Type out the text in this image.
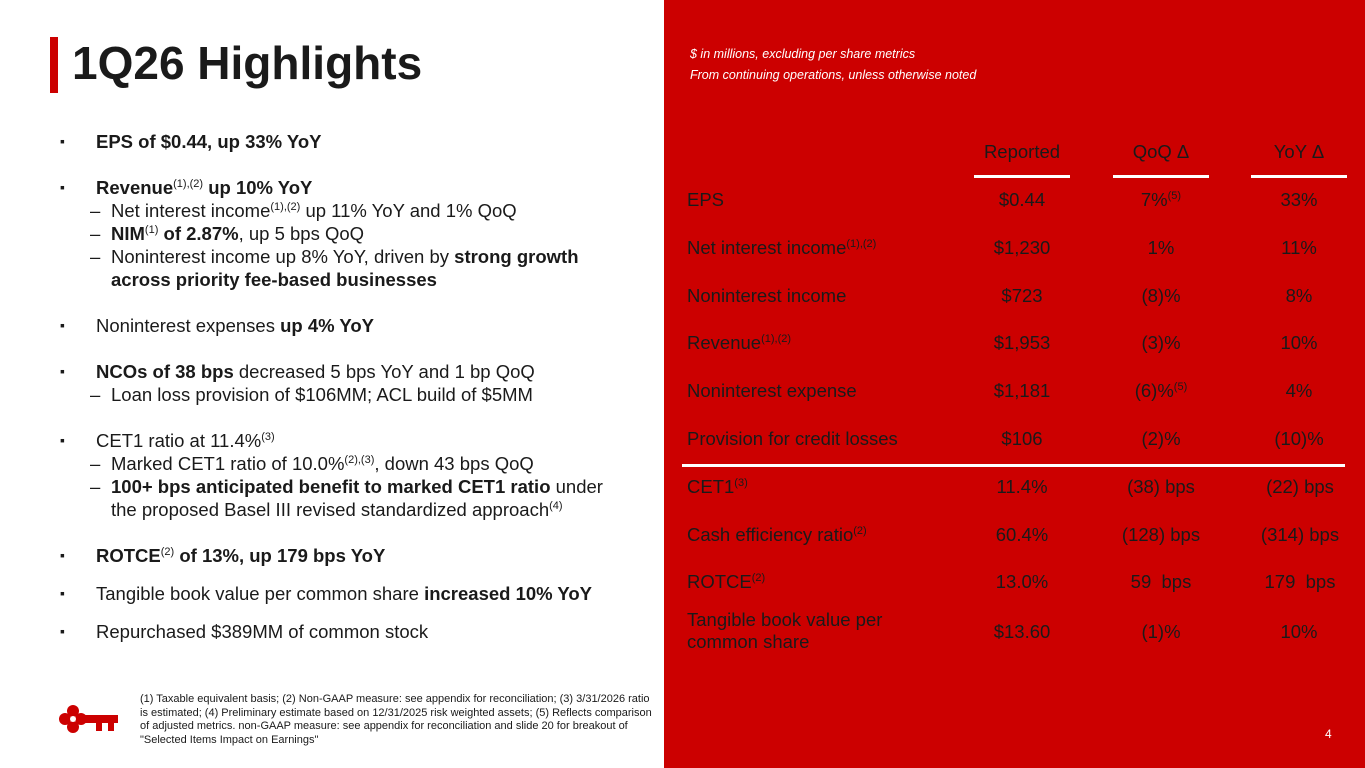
1Q26 Highlights
▪ EPS of $0.44, up 33% YoY
▪ Revenue$^{(1),(2)}$ up 10% YoY
– Net interest income$^{(1),(2)}$ up 11% YoY and 1% QoQ
– NIM$^{(1)}$ of 2.87%, up 5 bps QoQ
– Noninterest income up 8% YoY, driven by strong growth across priority fee-based businesses
▪ Noninterest expenses up 4% YoY
▪ NCOs of 38 bps decreased 5 bps YoY and 1 bp QoQ
– Loan loss provision of $106MM; ACL build of $5MM
▪ CET1 ratio at 11.4%$^{(3)}$
– Marked CET1 ratio of 10.0%$^{(2),(3)}$, down 43 bps QoQ
– 100+ bps anticipated benefit to marked CET1 ratio under the proposed Basel III revised standardized approach$^{(4)}$
▪ ROTCE$^{(2)}$ of 13%, up 179 bps YoY
▪ Tangible book value per common share increased 10% YoY
▪ Repurchased $389MM of common stock
(1) Taxable equivalent basis; (2) Non-GAAP measure: see appendix for reconciliation; (3) 3/31/2026 ratio is estimated; (4) Preliminary estimate based on 12/31/2025 risk weighted assets; (5) Reflects comparison of adjusted metrics. non-GAAP measure: see appendix for reconciliation and slide 20 for breakout of "Selected Items Impact on Earnings"
$ in millions, excluding per share metrics
From continuing operations, unless otherwise noted
Reported	QoQ Δ	YoY Δ
EPS	$0.44	7%$^{(5)}$	33%
Net interest income$^{(1),(2)}$	$1,230	1%	11%
Noninterest income	$723	(8)%	8%
Revenue$^{(1),(2)}$	$1,953	(3)%	10%
Noninterest expense	$1,181	(6)%$^{(5)}$	4%
Provision for credit losses	$106	(2)%	(10)%
CET1$^{(3)}$	11.4%	(38) bps	(22) bps
Cash efficiency ratio$^{(2)}$	60.4%	(128) bps	(314) bps
ROTCE$^{(2)}$	13.0%	59  bps	179  bps
Tangible book value per common share	$13.60	(1)%	10%
4
